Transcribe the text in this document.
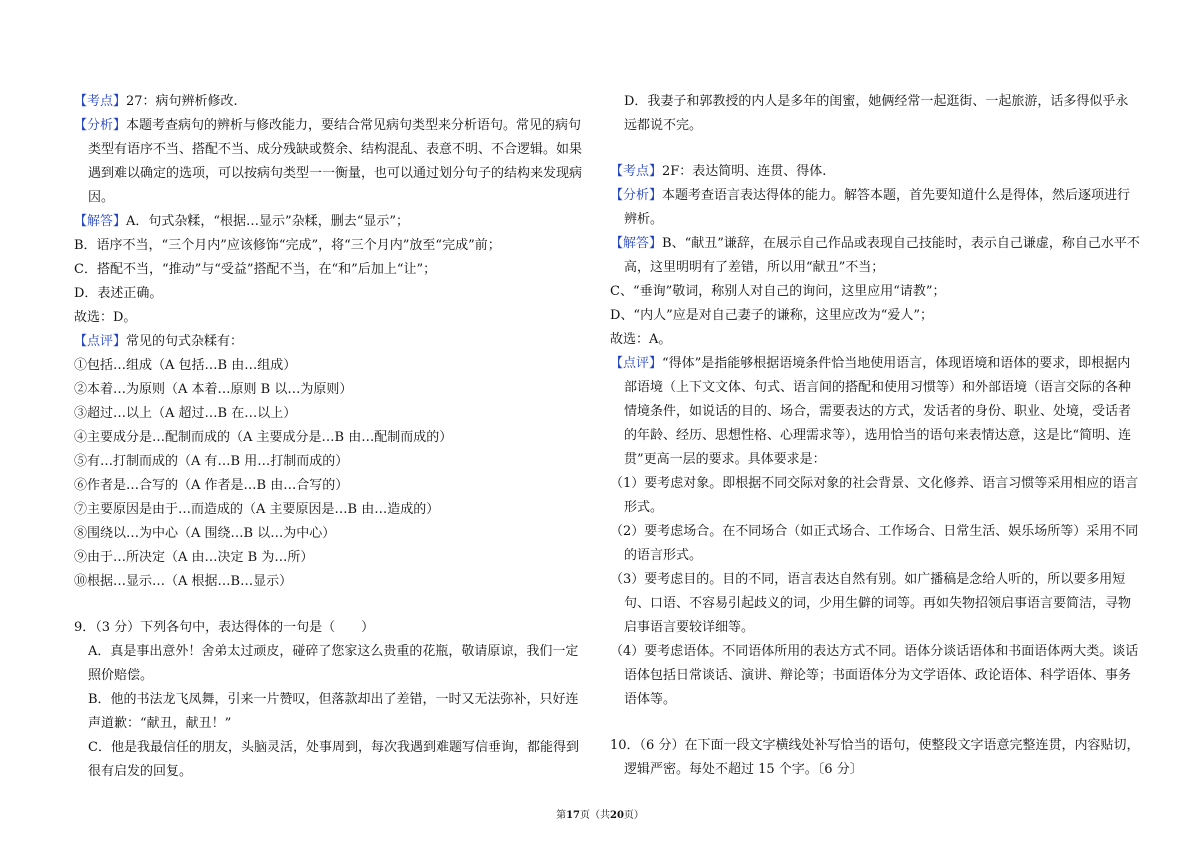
【考点】27：病句辨析修改.

【分析】本题考查病句的辨析与修改能力，要结合常见病句类型来分析语句。常见的病句类型有语序不当、搭配不当、成分残缺或赘余、结构混乱、表意不明、不合逻辑。如果遇到难以确定的选项，可以按病句类型一一衡量，也可以通过划分句子的结构来发现病因。

【解答】A．句式杂糅，“根据…显示”杂糅，删去“显示”；

B．语序不当，“三个月内”应该修饰“完成”，将“三个月内”放至“完成”前；

C．搭配不当，“推动”与“受益”搭配不当，在“和”后加上“让”；

D．表述正确。

故选：D。

【点评】常见的句式杂糅有：

①包括…组成（A 包括…B 由…组成）

②本着…为原则（A 本着…原则 B 以…为原则）

③超过…以上（A 超过…B 在…以上）

④主要成分是…配制而成的（A 主要成分是…B 由…配制而成的）

⑤有…打制而成的（A 有…B 用…打制而成的）

⑥作者是…合写的（A 作者是…B 由…合写的）

⑦主要原因是由于…而造成的（A 主要原因是…B 由…造成的）

⑧围绕以…为中心（A 围绕…B 以…为中心）

⑨由于…所决定（A 由…决定 B 为…所）

⑩根据…显示…（A 根据…B…显示）

9．（3 分）下列各句中，表达得体的一句是（　　）

A．真是事出意外！舍弟太过顽皮，碰碎了您家这么贵重的花瓶，敬请原谅，我们一定照价赔偿。

B．他的书法龙飞凤舞，引来一片赞叹，但落款却出了差错，一时又无法弥补，只好连声道歉：“献丑，献丑！”

C．他是我最信任的朋友，头脑灵活，处事周到，每次我遇到难题写信垂询，都能得到很有启发的回复。

D．我妻子和郭教授的内人是多年的闺蜜，她俩经常一起逛街、一起旅游，话多得似乎永远都说不完。

【考点】2F：表达简明、连贯、得体.

【分析】本题考查语言表达得体的能力。解答本题，首先要知道什么是得体，然后逐项进行辨析。

【解答】B、“献丑”谦辞，在展示自己作品或表现自己技能时，表示自己谦虚，称自己水平不高，这里明明有了差错，所以用“献丑”不当；

C、“垂询”敬词，称别人对自己的询问，这里应用“请教”；

D、“内人”应是对自己妻子的谦称，这里应改为“爱人”；

故选：A。

【点评】“得体”是指能够根据语境条件恰当地使用语言，体现语境和语体的要求，即根据内部语境（上下文文体、句式、语言间的搭配和使用习惯等）和外部语境（语言交际的各种情境条件，如说话的目的、场合，需要表达的方式，发话者的身份、职业、处境，受话者的年龄、经历、思想性格、心理需求等），选用恰当的语句来表情达意，这是比“简明、连贯”更高一层的要求。具体要求是：

（1）要考虑对象。即根据不同交际对象的社会背景、文化修养、语言习惯等采用相应的语言形式。

（2）要考虑场合。在不同场合（如正式场合、工作场合、日常生活、娱乐场所等）采用不同的语言形式。

（3）要考虑目的。目的不同，语言表达自然有别。如广播稿是念给人听的，所以要多用短句、口语、不容易引起歧义的词，少用生僻的词等。再如失物招领启事语言要简洁，寻物启事语言要较详细等。

（4）要考虑语体。不同语体所用的表达方式不同。语体分谈话语体和书面语体两大类。谈话语体包括日常谈话、演讲、辩论等；书面语体分为文学语体、政论语体、科学语体、事务语体等。

10．（6 分）在下面一段文字横线处补写恰当的语句，使整段文字语意完整连贯，内容贴切，逻辑严密。每处不超过 15 个字。〔6 分〕

第17页（共20页）
